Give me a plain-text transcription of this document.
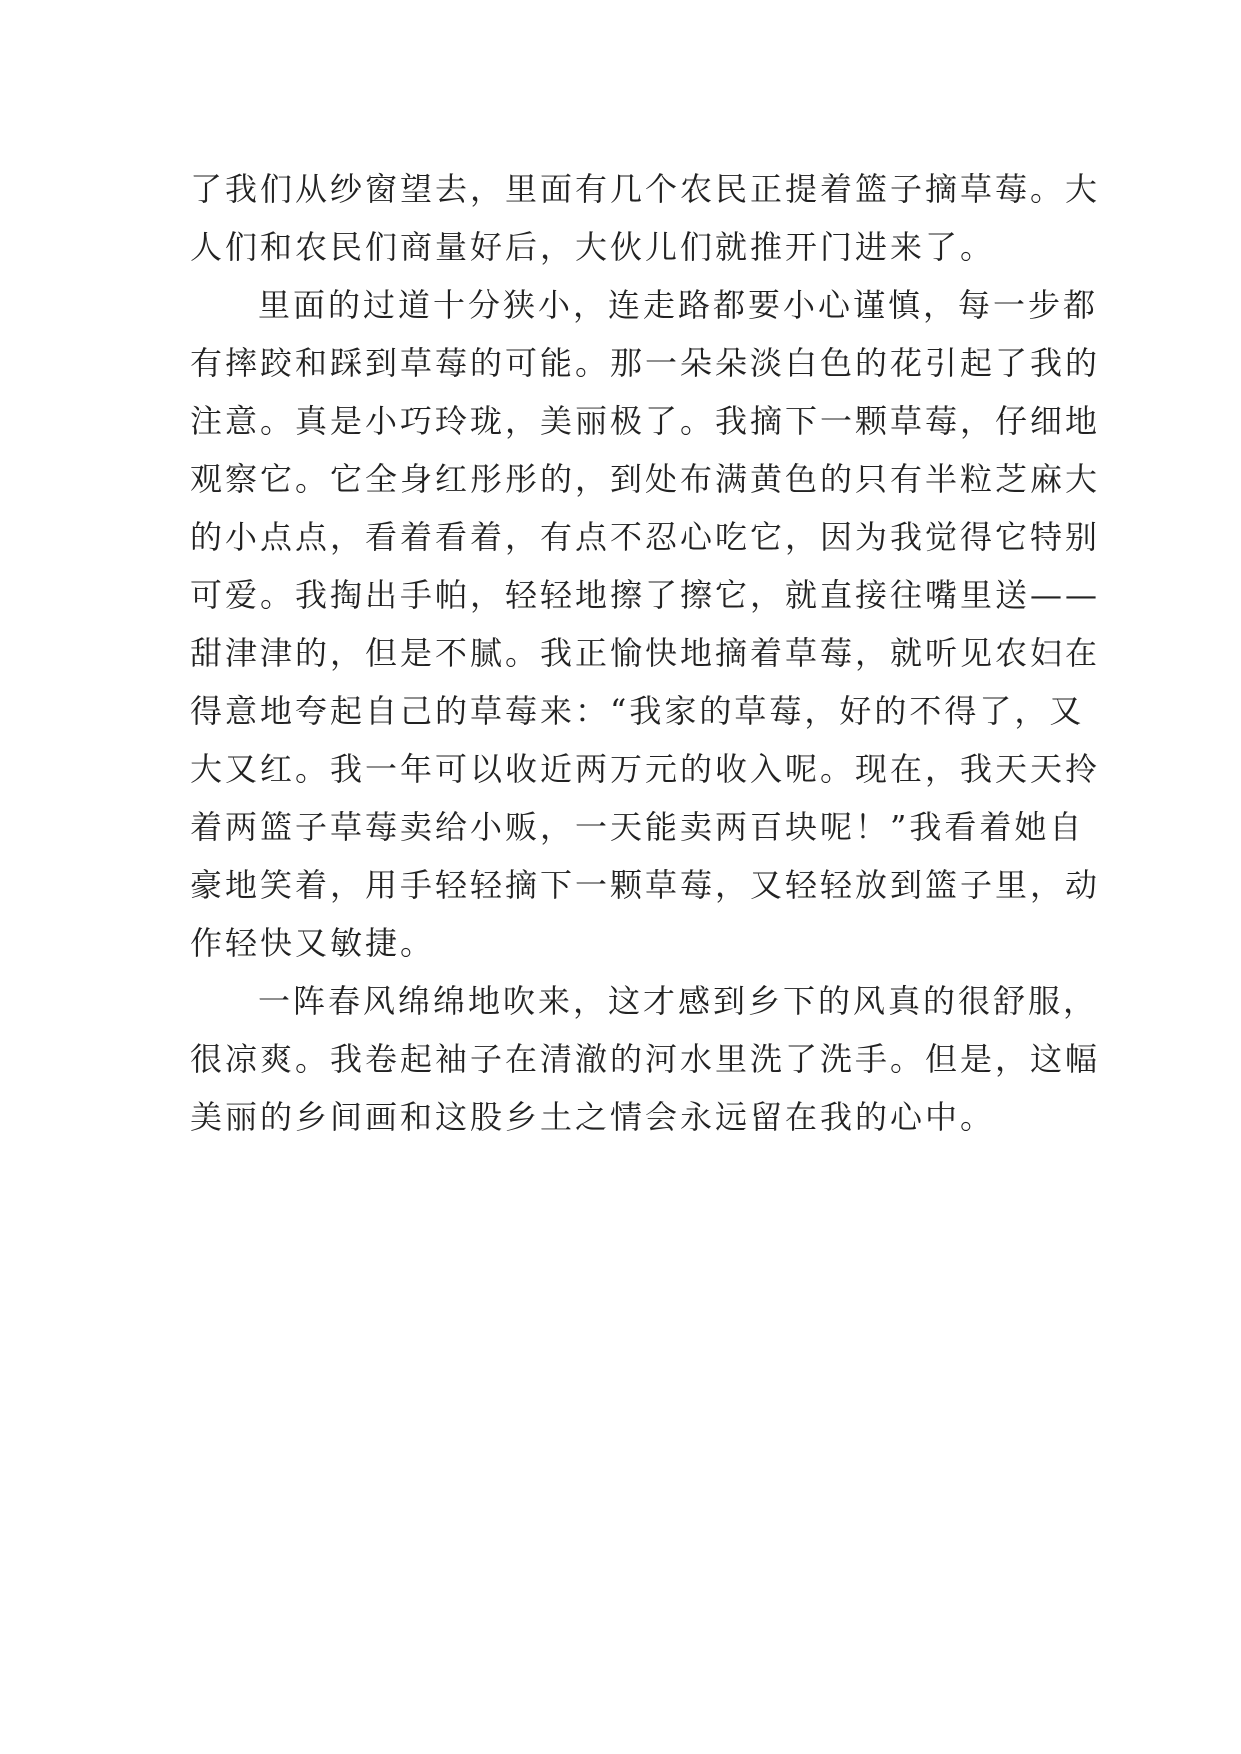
了我们从纱窗望去，里面有几个农民正提着篮子摘草莓。大
人们和农民们商量好后，大伙儿们就推开门进来了。
里面的过道十分狭小，连走路都要小心谨慎，每一步都
有摔跤和踩到草莓的可能。那一朵朵淡白色的花引起了我的
注意。真是小巧玲珑，美丽极了。我摘下一颗草莓，仔细地
观察它。它全身红彤彤的，到处布满黄色的只有半粒芝麻大
的小点点，看着看着，有点不忍心吃它，因为我觉得它特别
可爱。我掏出手帕，轻轻地擦了擦它，就直接往嘴里送——
甜津津的，但是不腻。我正愉快地摘着草莓，就听见农妇在
得意地夸起自己的草莓来：“我家的草莓，好的不得了，又
大又红。我一年可以收近两万元的收入呢。现在，我天天拎
着两篮子草莓卖给小贩，一天能卖两百块呢！”我看着她自
豪地笑着，用手轻轻摘下一颗草莓，又轻轻放到篮子里，动
作轻快又敏捷。
一阵春风绵绵地吹来，这才感到乡下的风真的很舒服，
很凉爽。我卷起袖子在清澈的河水里洗了洗手。但是，这幅
美丽的乡间画和这股乡土之情会永远留在我的心中。
